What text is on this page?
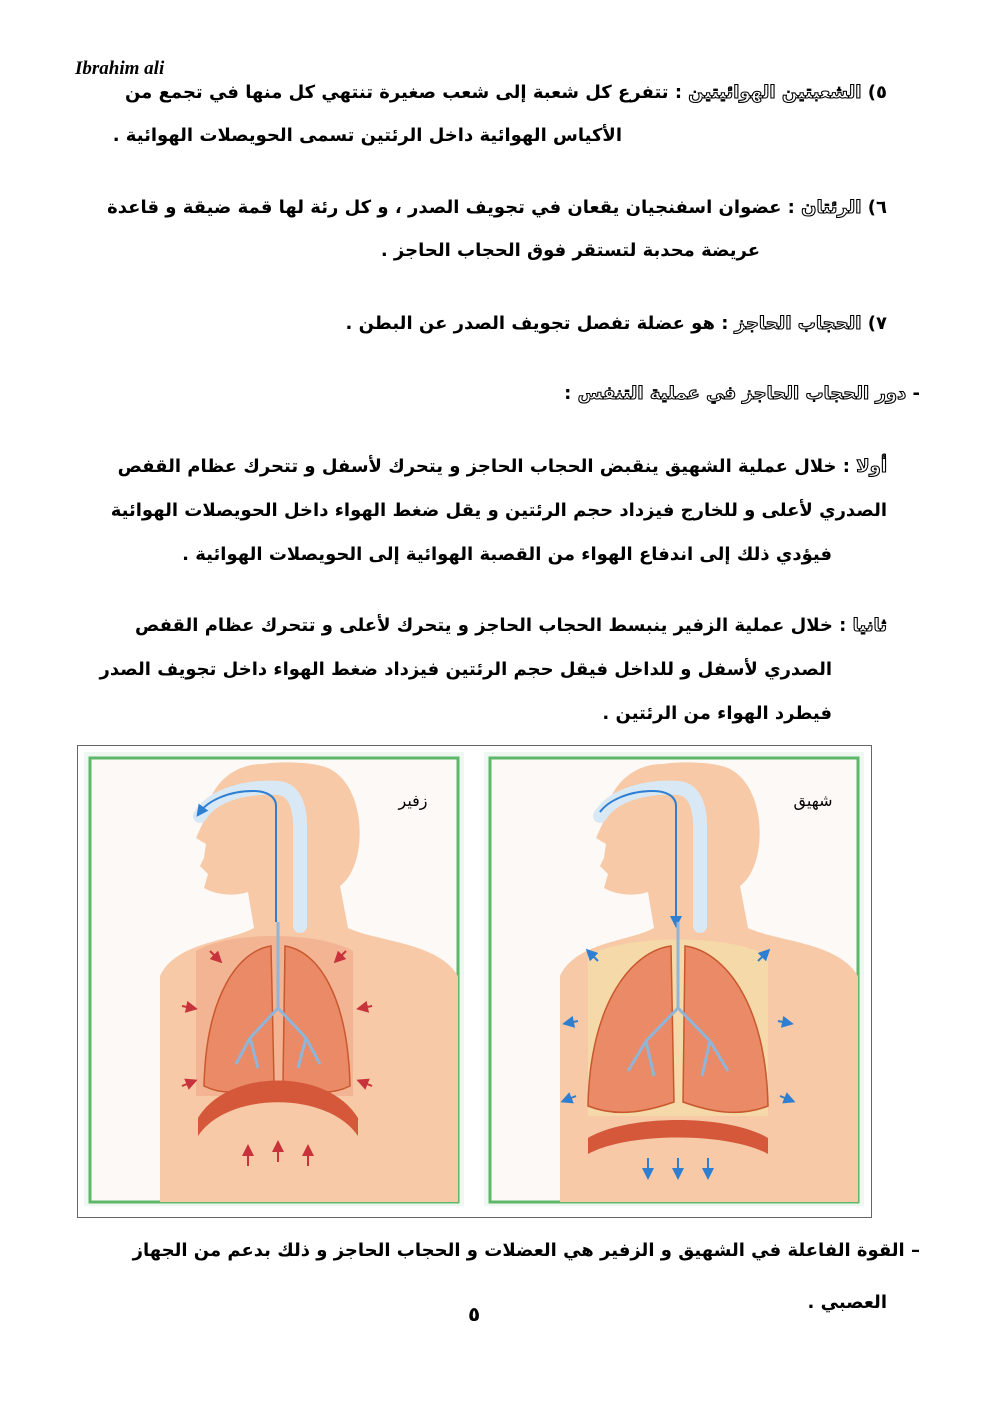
Ibrahim ali
٥) الشعبتين الهوائيتين : تتفرع كل شعبة إلى شعب صغيرة تنتهي كل منها في تجمع من
الأكياس الهوائية داخل الرئتين تسمى الحويصلات الهوائية .
٦) الرئتان : عضوان اسفنجيان يقعان في تجويف الصدر ، و كل رئة لها قمة ضيقة و قاعدة
عريضة محدبة لتستقر فوق الحجاب الحاجز .
٧) الحجاب الحاجز : هو عضلة تفصل تجويف الصدر عن البطن .
- دور الحجاب الحاجز في عملية التنفس :
أولا : خلال عملية الشهيق ينقبض الحجاب الحاجز و يتحرك لأسفل و تتحرك عظام القفص
الصدري لأعلى و للخارج فيزداد حجم الرئتين و يقل ضغط الهواء داخل الحويصلات الهوائية
فيؤدي ذلك إلى اندفاع الهواء من القصبة الهوائية إلى الحويصلات الهوائية .
ثانيا : خلال عملية الزفير ينبسط الحجاب الحاجز و يتحرك لأعلى و تتحرك عظام القفص
الصدري لأسفل و للداخل فيقل حجم الرئتين فيزداد ضغط الهواء داخل تجويف الصدر
فيطرد الهواء من الرئتين .
زفير	شهيق
– القوة الفاعلة في الشهيق و الزفير هي العضلات و الحجاب الحاجز و ذلك بدعم من الجهاز
العصبي .
٥
